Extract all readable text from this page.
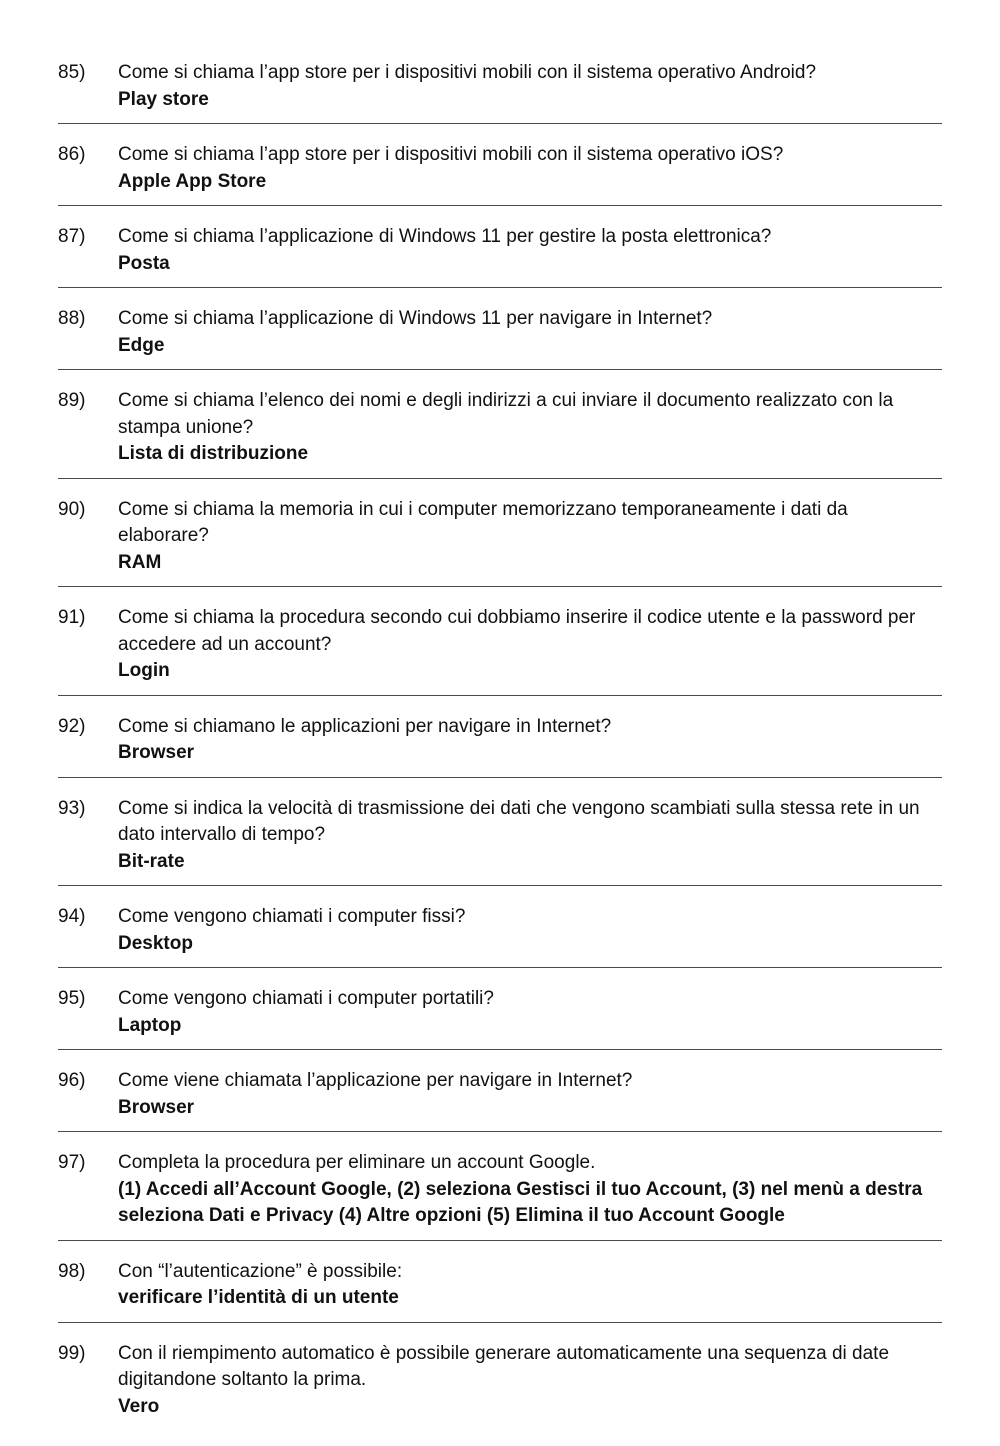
85)	Come si chiama l’app store per i dispositivi mobili con il sistema operativo Android?

Play store

86)	Come si chiama l’app store per i dispositivi mobili con il sistema operativo iOS?

Apple App Store

87)	Come si chiama l’applicazione di Windows 11 per gestire la posta elettronica?

Posta

88)	Come si chiama l’applicazione di Windows 11 per navigare in Internet?

Edge

89)	Come si chiama l’elenco dei nomi e degli indirizzi a cui inviare il documento realizzato con la stampa unione?

Lista di distribuzione

90)	Come si chiama la memoria in cui i computer memorizzano temporaneamente i dati da elaborare?

RAM

91)	Come si chiama la procedura secondo cui dobbiamo inserire il codice utente e la password per accedere ad un account?

Login

92)	Come si chiamano le applicazioni per navigare in Internet?

Browser

93)	Come si indica la velocità di trasmissione dei dati che vengono scambiati sulla stessa rete in un dato intervallo di tempo?

Bit-rate

94)	Come vengono chiamati i computer fissi?

Desktop

95)	Come vengono chiamati i computer portatili?

Laptop

96)	Come viene chiamata l’applicazione per navigare in Internet?

Browser

97)	Completa la procedura per eliminare un account Google.

(1) Accedi all’Account Google, (2) seleziona Gestisci il tuo Account, (3) nel menù a destra seleziona Dati e Privacy (4) Altre opzioni (5) Elimina il tuo Account Google

98)	Con “l’autenticazione” è possibile:

verificare l’identità di un utente

99)	Con il riempimento automatico è possibile generare automaticamente una sequenza di date digitandone soltanto la prima.

Vero
